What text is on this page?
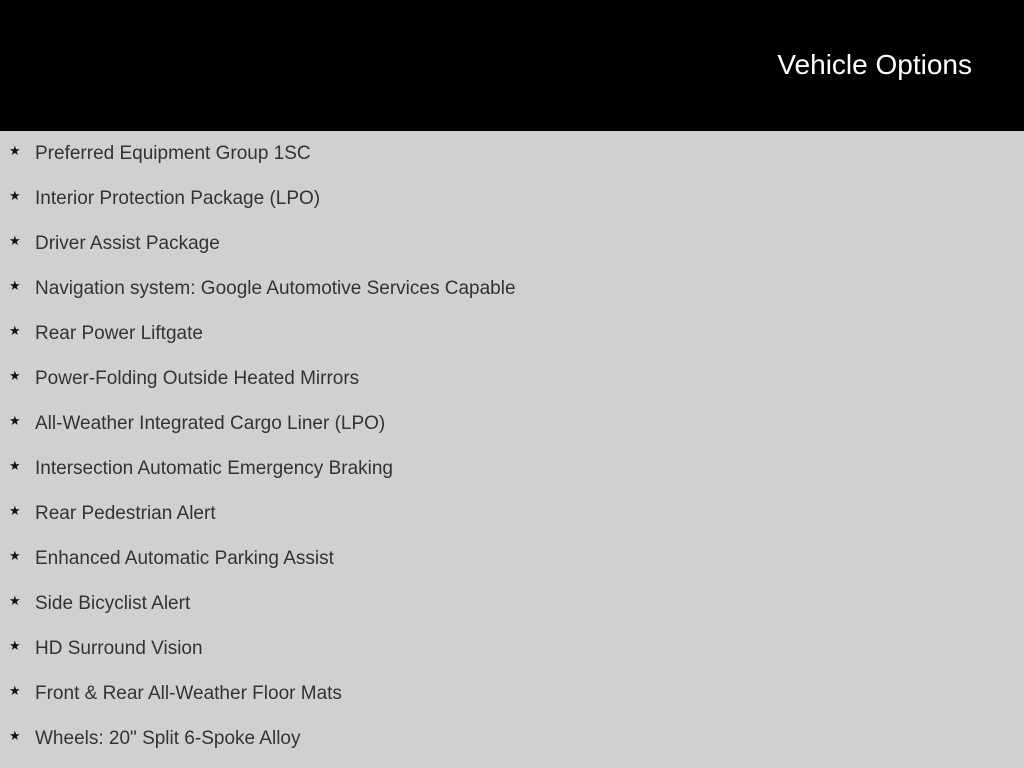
Vehicle Options
★ Preferred Equipment Group 1SC
★ Interior Protection Package (LPO)
★ Driver Assist Package
★ Navigation system: Google Automotive Services Capable
★ Rear Power Liftgate
★ Power-Folding Outside Heated Mirrors
★ All-Weather Integrated Cargo Liner (LPO)
★ Intersection Automatic Emergency Braking
★ Rear Pedestrian Alert
★ Enhanced Automatic Parking Assist
★ Side Bicyclist Alert
★ HD Surround Vision
★ Front & Rear All-Weather Floor Mats
★ Wheels: 20" Split 6-Spoke Alloy
